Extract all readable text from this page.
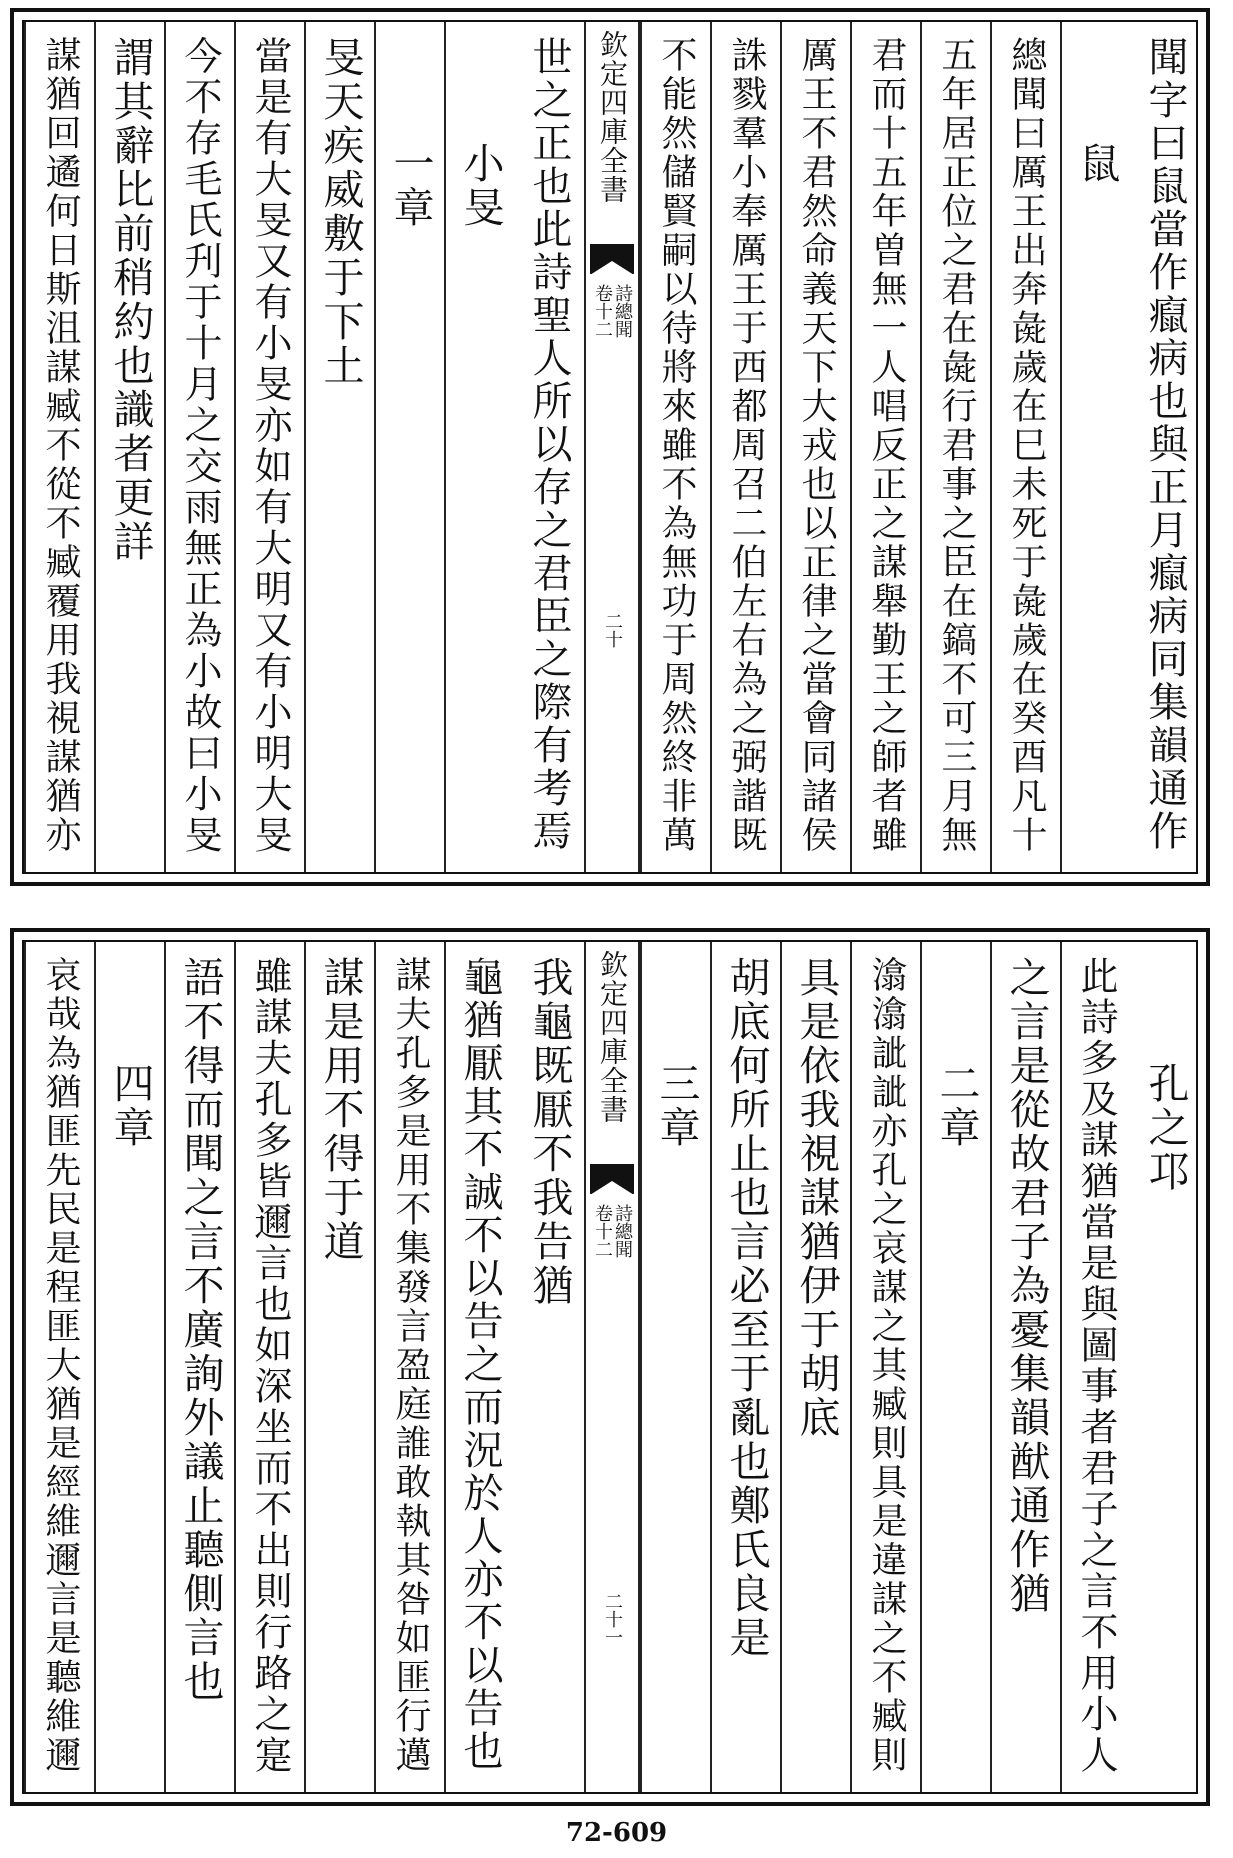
聞字曰鼠當作癙病也與正月癙病同集韻通作
鼠
總聞曰厲王出奔彘歲在巳未死于彘歲在癸酉凡十
五年居正位之君在彘行君事之臣在鎬不可三月無
君而十五年曽無一人唱反正之謀舉勤王之師者雖
厲王不君然命義天下大戎也以正律之當會同諸侯
誅戮羣小奉厲王于西都周召二伯左右為之弼諧既
不能然儲賢嗣以待將來雖不為無功于周然終非萬
欽定四庫全書
詩總聞
卷十二
二十
世之正也此詩聖人所以存之君臣之際有考焉
小旻
一章
旻天疾威敷于下土
當是有大旻又有小旻亦如有大明又有小明大旻
今不存毛氏刋于十月之交雨無正為小故曰小旻
謂其辭比前稍約也識者更詳
謀猶回遹何日斯沮謀臧不從不臧覆用我視謀猶亦
孔之邛
此詩多及謀猶當是與圖事者君子之言不用小人
之言是從故君子為憂集韻猷通作猶
二章
潝潝訿訿亦孔之哀謀之其臧則具是違謀之不臧則
具是依我視謀猶伊于胡底
胡底何所止也言必至于亂也鄭氏良是
三章
欽定四庫全書
詩總聞
卷十二
二十一
我龜既厭不我告猶
龜猶厭其不誠不以告之而況於人亦不以告也
謀夫孔多是用不集發言盈庭誰敢執其咎如匪行邁
謀是用不得于道
雖謀夫孔多皆邇言也如深坐而不出則行路之寔
語不得而聞之言不廣詢外議止聽側言也
四章
哀哉為猶匪先民是程匪大猶是經維邇言是聽維邇
72-609
